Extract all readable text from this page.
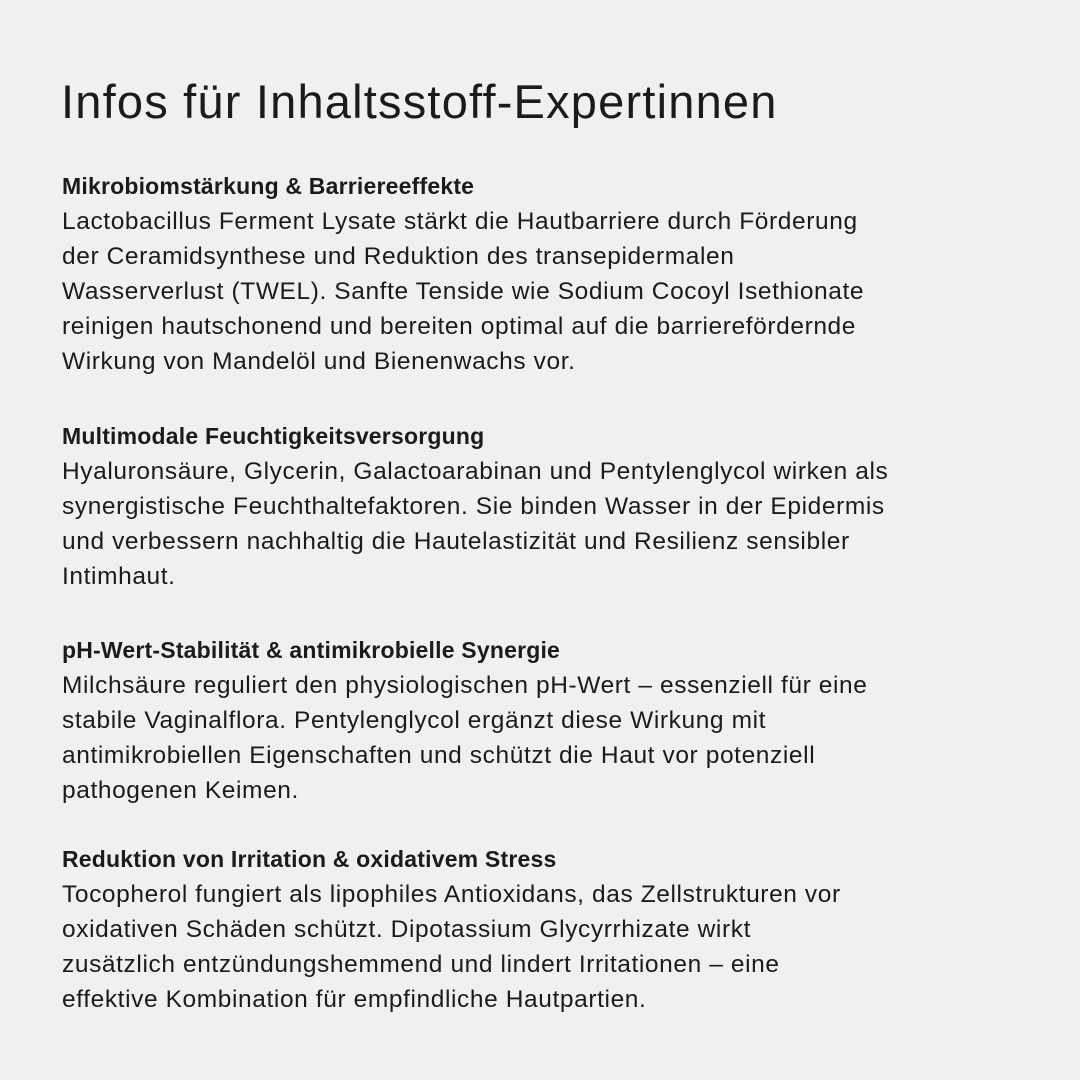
Infos für Inhaltsstoff-Expertinnen
Mikrobiomstärkung & Barriereeffekte
Lactobacillus Ferment Lysate stärkt die Hautbarriere durch Förderung
der Ceramidsynthese und Reduktion des transepidermalen
Wasserverlust (TWEL). Sanfte Tenside wie Sodium Cocoyl Isethionate
reinigen hautschonend und bereiten optimal auf die barrierefördernde
Wirkung von Mandelöl und Bienenwachs vor.
Multimodale Feuchtigkeitsversorgung
Hyaluronsäure, Glycerin, Galactoarabinan und Pentylenglycol wirken als
synergistische Feuchthaltefaktoren. Sie binden Wasser in der Epidermis
und verbessern nachhaltig die Hautelastizität und Resilienz sensibler
Intimhaut.
pH-Wert-Stabilität & antimikrobielle Synergie
Milchsäure reguliert den physiologischen pH-Wert – essenziell für eine
stabile Vaginalflora. Pentylenglycol ergänzt diese Wirkung mit
antimikrobiellen Eigenschaften und schützt die Haut vor potenziell
pathogenen Keimen.
Reduktion von Irritation & oxidativem Stress
Tocopherol fungiert als lipophiles Antioxidans, das Zellstrukturen vor
oxidativen Schäden schützt. Dipotassium Glycyrrhizate wirkt
zusätzlich entzündungshemmend und lindert Irritationen – eine
effektive Kombination für empfindliche Hautpartien.
